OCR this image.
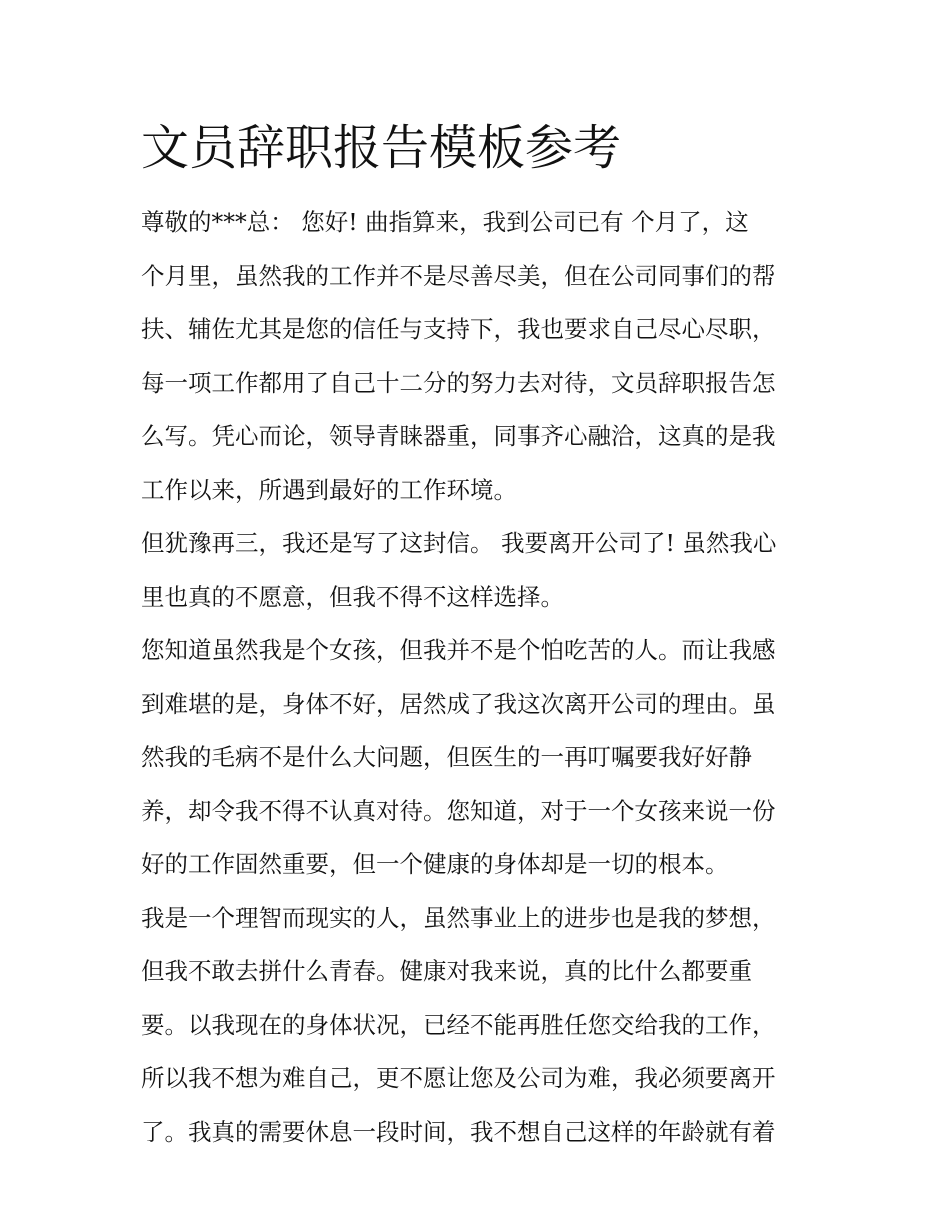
文员辞职报告模板参考
尊敬的***总： 您好! 曲指算来，我到公司已有 个月了，这
个月里，虽然我的工作并不是尽善尽美，但在公司同事们的帮
扶、辅佐尤其是您的信任与支持下，我也要求自己尽心尽职，
每一项工作都用了自己十二分的努力去对待，文员辞职报告怎
么写。凭心而论，领导青睐器重，同事齐心融洽，这真的是我
工作以来，所遇到最好的工作环境。
但犹豫再三，我还是写了这封信。 我要离开公司了! 虽然我心
里也真的不愿意，但我不得不这样选择。
您知道虽然我是个女孩，但我并不是个怕吃苦的人。而让我感
到难堪的是，身体不好，居然成了我这次离开公司的理由。虽
然我的毛病不是什么大问题，但医生的一再叮嘱要我好好静
养，却令我不得不认真对待。您知道，对于一个女孩来说一份
好的工作固然重要，但一个健康的身体却是一切的根本。
我是一个理智而现实的人，虽然事业上的进步也是我的梦想，
但我不敢去拼什么青春。健康对我来说，真的比什么都要重
要。以我现在的身体状况，已经不能再胜任您交给我的工作，
所以我不想为难自己，更不愿让您及公司为难，我必须要离开
了。我真的需要休息一段时间，我不想自己这样的年龄就有着
